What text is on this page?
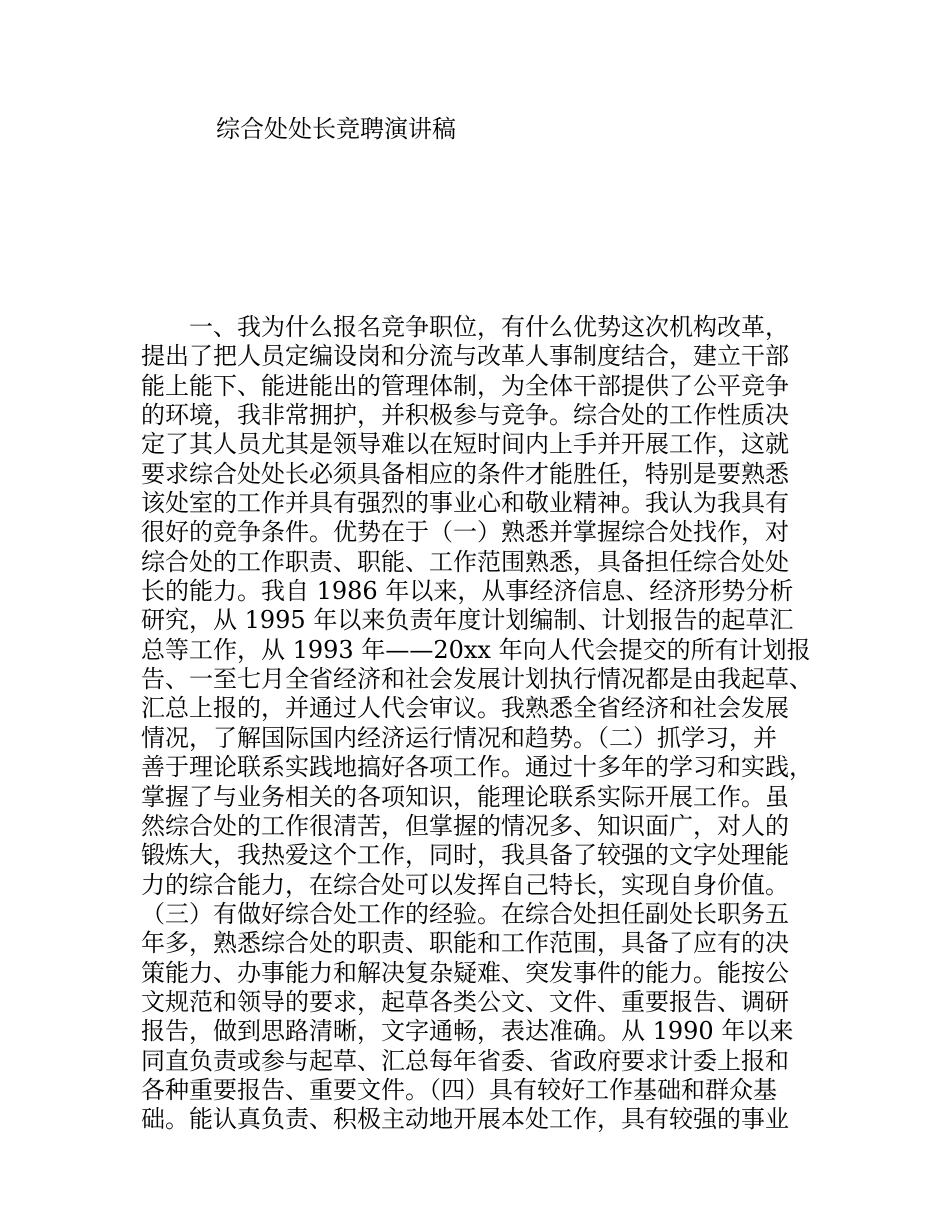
综合处处长竞聘演讲稿
　　一、我为什么报名竞争职位，有什么优势这次机构改革，
提出了把人员定编设岗和分流与改革人事制度结合，建立干部
能上能下、能进能出的管理体制，为全体干部提供了公平竞争
的环境，我非常拥护，并积极参与竞争。综合处的工作性质决
定了其人员尤其是领导难以在短时间内上手并开展工作，这就
要求综合处处长必须具备相应的条件才能胜任，特别是要熟悉
该处室的工作并具有强烈的事业心和敬业精神。我认为我具有
很好的竞争条件。优势在于（一）熟悉并掌握综合处找作，对
综合处的工作职责、职能、工作范围熟悉，具备担任综合处处
长的能力。我自 1986 年以来，从事经济信息、经济形势分析
研究，从 1995 年以来负责年度计划编制、计划报告的起草汇
总等工作，从 1993 年——20xx 年向人代会提交的所有计划报
告、一至七月全省经济和社会发展计划执行情况都是由我起草、
汇总上报的，并通过人代会审议。我熟悉全省经济和社会发展
情况，了解国际国内经济运行情况和趋势。（二）抓学习，并
善于理论联系实践地搞好各项工作。通过十多年的学习和实践，
掌握了与业务相关的各项知识，能理论联系实际开展工作。虽
然综合处的工作很清苦，但掌握的情况多、知识面广，对人的
锻炼大，我热爱这个工作，同时，我具备了较强的文字处理能
力的综合能力，在综合处可以发挥自己特长，实现自身价值。
（三）有做好综合处工作的经验。在综合处担任副处长职务五
年多，熟悉综合处的职责、职能和工作范围，具备了应有的决
策能力、办事能力和解决复杂疑难、突发事件的能力。能按公
文规范和领导的要求，起草各类公文、文件、重要报告、调研
报告，做到思路清晰，文字通畅，表达准确。从 1990 年以来
同直负责或参与起草、汇总每年省委、省政府要求计委上报和
各种重要报告、重要文件。（四）具有较好工作基础和群众基
础。能认真负责、积极主动地开展本处工作，具有较强的事业
